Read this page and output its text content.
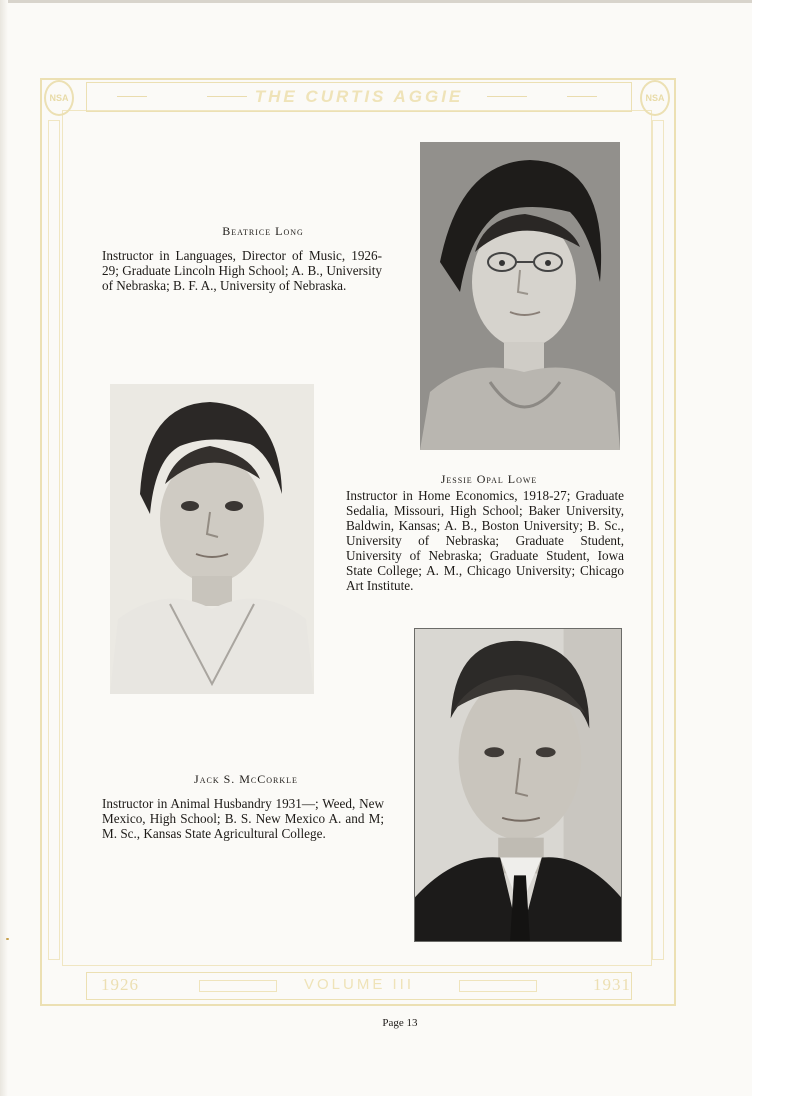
NSA	NSA
THE CURTIS AGGIE
Beatrice Long
Instructor in Languages, Director of Music, 1926-29; Graduate Lincoln High School; A. B., University of Nebraska; B. F. A., University of Nebraska.
Jessie Opal Lowe
Instructor in Home Economics, 1918-27; Graduate Sedalia, Missouri, High School; Baker University, Baldwin, Kansas; A. B., Boston University; B. Sc., University of Nebraska; Graduate Student, University of Nebraska; Graduate Student, Iowa State College; A. M., Chicago University; Chicago Art Institute.
Jack S. McCorkle
Instructor in Animal Husbandry 1931—; Weed, New Mexico, High School; B. S. New Mexico A. and M; M. Sc., Kansas State Agricultural College.
1926	VOLUME III	1931
Page 13
